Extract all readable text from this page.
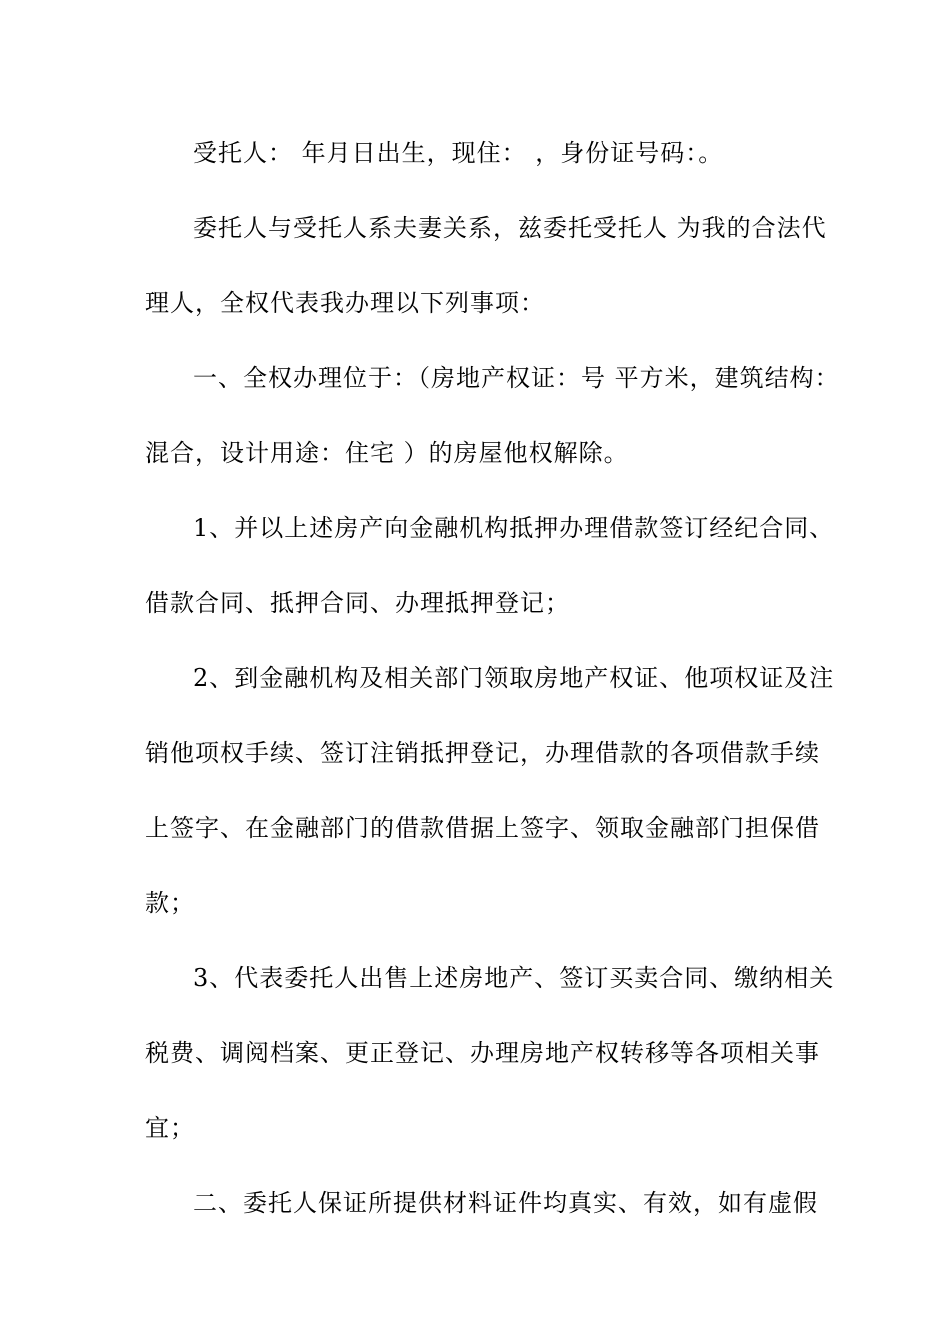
受托人： 年月日出生，现住： ，身份证号码：。
委托人与受托人系夫妻关系，兹委托受托人 为我的合法代
理人，全权代表我办理以下列事项：
一、全权办理位于：（房地产权证：号 平方米，建筑结构：
混合，设计用途：住宅 ）的房屋他权解除。
1、并以上述房产向金融机构抵押办理借款签订经纪合同、
借款合同、抵押合同、办理抵押登记；
2、到金融机构及相关部门领取房地产权证、他项权证及注
销他项权手续、签订注销抵押登记，办理借款的各项借款手续
上签字、在金融部门的借款借据上签字、领取金融部门担保借
款；
3、代表委托人出售上述房地产、签订买卖合同、缴纳相关
税费、调阅档案、更正登记、办理房地产权转移等各项相关事
宜；
二、委托人保证所提供材料证件均真实、有效，如有虚假
